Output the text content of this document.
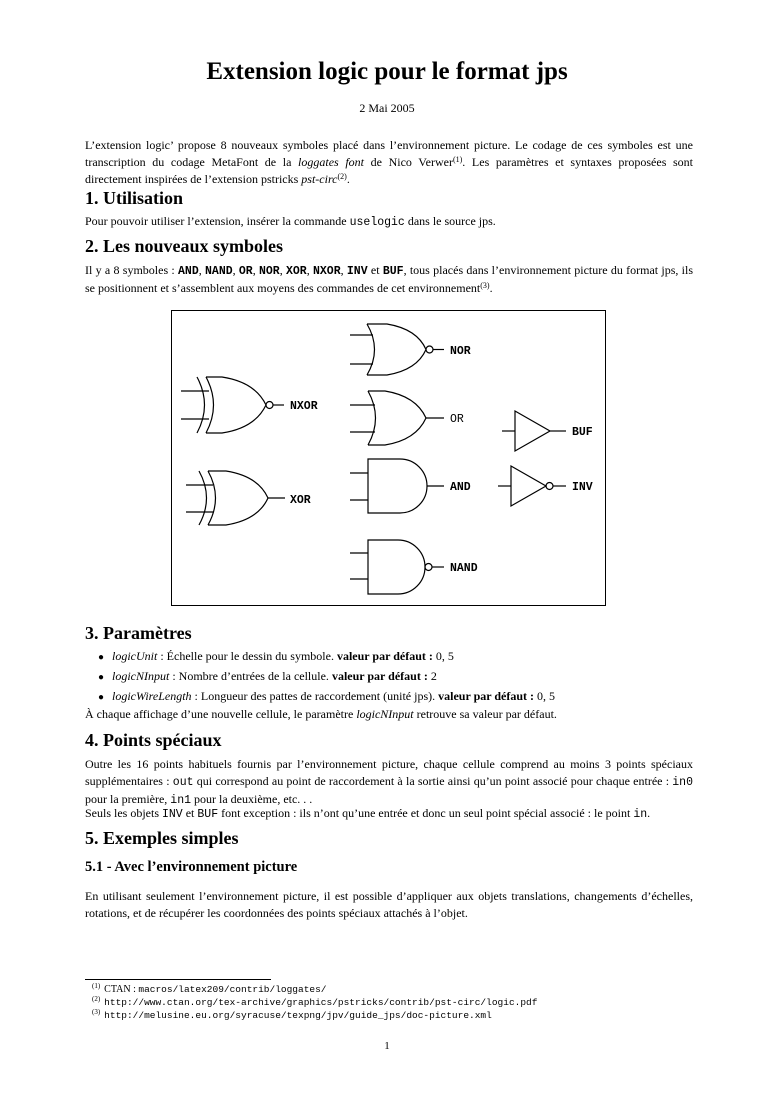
Extension logic pour le format jps
2 Mai 2005
L’extension logic’ propose 8 nouveaux symboles placé dans l’environnement picture. Le codage de ces symboles est une transcription du codage MetaFont de la loggates font de Nico Verwer$^{(1)}$. Les paramètres et syntaxes proposées sont directement inspirées de l’extension pstricks pst-circ$^{(2)}$.
1. Utilisation
Pour pouvoir utiliser l’extension, insérer la commande uselogic dans le source jps.
2. Les nouveaux symboles
Il y a 8 symboles : AND, NAND, OR, NOR, XOR, NXOR, INV et BUF, tous placés dans l’environnement picture du format jps, ils se positionnent et s’assemblent aux moyens des commandes de cet environnement$^{(3)}$.
NOR
NXOR
OR
BUF
XOR
AND	INV
NAND
3. Paramètres
● logicUnit : Échelle pour le dessin du symbole. valeur par défaut : 0, 5
● logicNInput : Nombre d’entrées de la cellule. valeur par défaut : 2
● logicWireLength : Longueur des pattes de raccordement (unité jps). valeur par défaut : 0, 5
À chaque affichage d’une nouvelle cellule, le paramètre logicNInput retrouve sa valeur par défaut.
4. Points spéciaux
Outre les 16 points habituels fournis par l’environnement picture, chaque cellule comprend au moins 3 points spéciaux supplémentaires : out qui correspond au point de raccordement à la sortie ainsi qu’un point associé pour chaque entrée : in0 pour la première, in1 pour la deuxième, etc. . .
Seuls les objets INV et BUF font exception : ils n’ont qu’une entrée et donc un seul point spécial associé : le point in.
5. Exemples simples
5.1 - Avec l’environnement picture
En utilisant seulement l’environnement picture, il est possible d’appliquer aux objets translations, changements d’échelles, rotations, et de récupérer les coordonnées des points spéciaux attachés à l’objet.
$^{(1)}$ CTAN : macros/latex209/contrib/loggates/
$^{(2)}$ http://www.ctan.org/tex-archive/graphics/pstricks/contrib/pst-circ/logic.pdf
$^{(3)}$ http://melusine.eu.org/syracuse/texpng/jpv/guide_jps/doc-picture.xml
1
